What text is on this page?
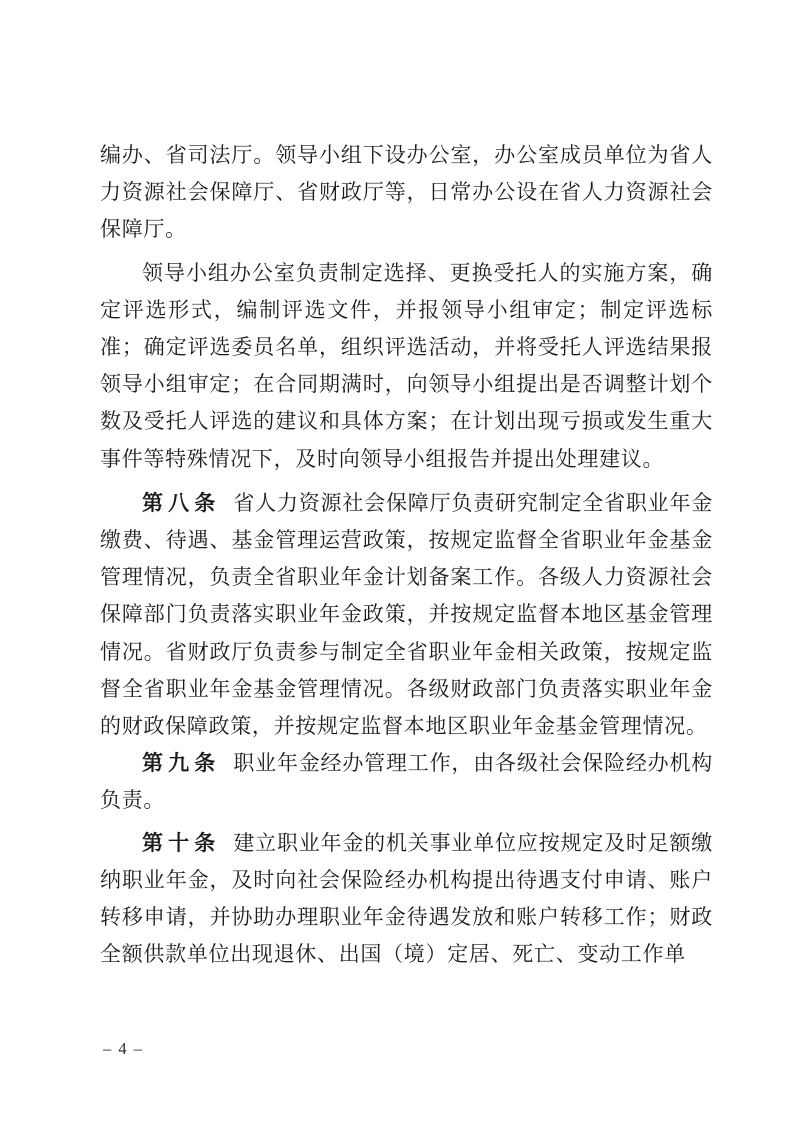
编办、省司法厅。领导小组下设办公室，办公室成员单位为省人力资源社会保障厅、省财政厅等，日常办公设在省人力资源社会保障厅。

领导小组办公室负责制定选择、更换受托人的实施方案，确定评选形式，编制评选文件，并报领导小组审定；制定评选标准；确定评选委员名单，组织评选活动，并将受托人评选结果报领导小组审定；在合同期满时，向领导小组提出是否调整计划个数及受托人评选的建议和具体方案；在计划出现亏损或发生重大事件等特殊情况下，及时向领导小组报告并提出处理建议。

第八条 省人力资源社会保障厅负责研究制定全省职业年金缴费、待遇、基金管理运营政策，按规定监督全省职业年金基金管理情况，负责全省职业年金计划备案工作。各级人力资源社会保障部门负责落实职业年金政策，并按规定监督本地区基金管理情况。省财政厅负责参与制定全省职业年金相关政策，按规定监督全省职业年金基金管理情况。各级财政部门负责落实职业年金的财政保障政策，并按规定监督本地区职业年金基金管理情况。

第九条 职业年金经办管理工作，由各级社会保险经办机构负责。

第十条 建立职业年金的机关事业单位应按规定及时足额缴纳职业年金，及时向社会保险经办机构提出待遇支付申请、账户转移申请，并协助办理职业年金待遇发放和账户转移工作；财政全额供款单位出现退休、出国（境）定居、死亡、变动工作单

– 4 –
